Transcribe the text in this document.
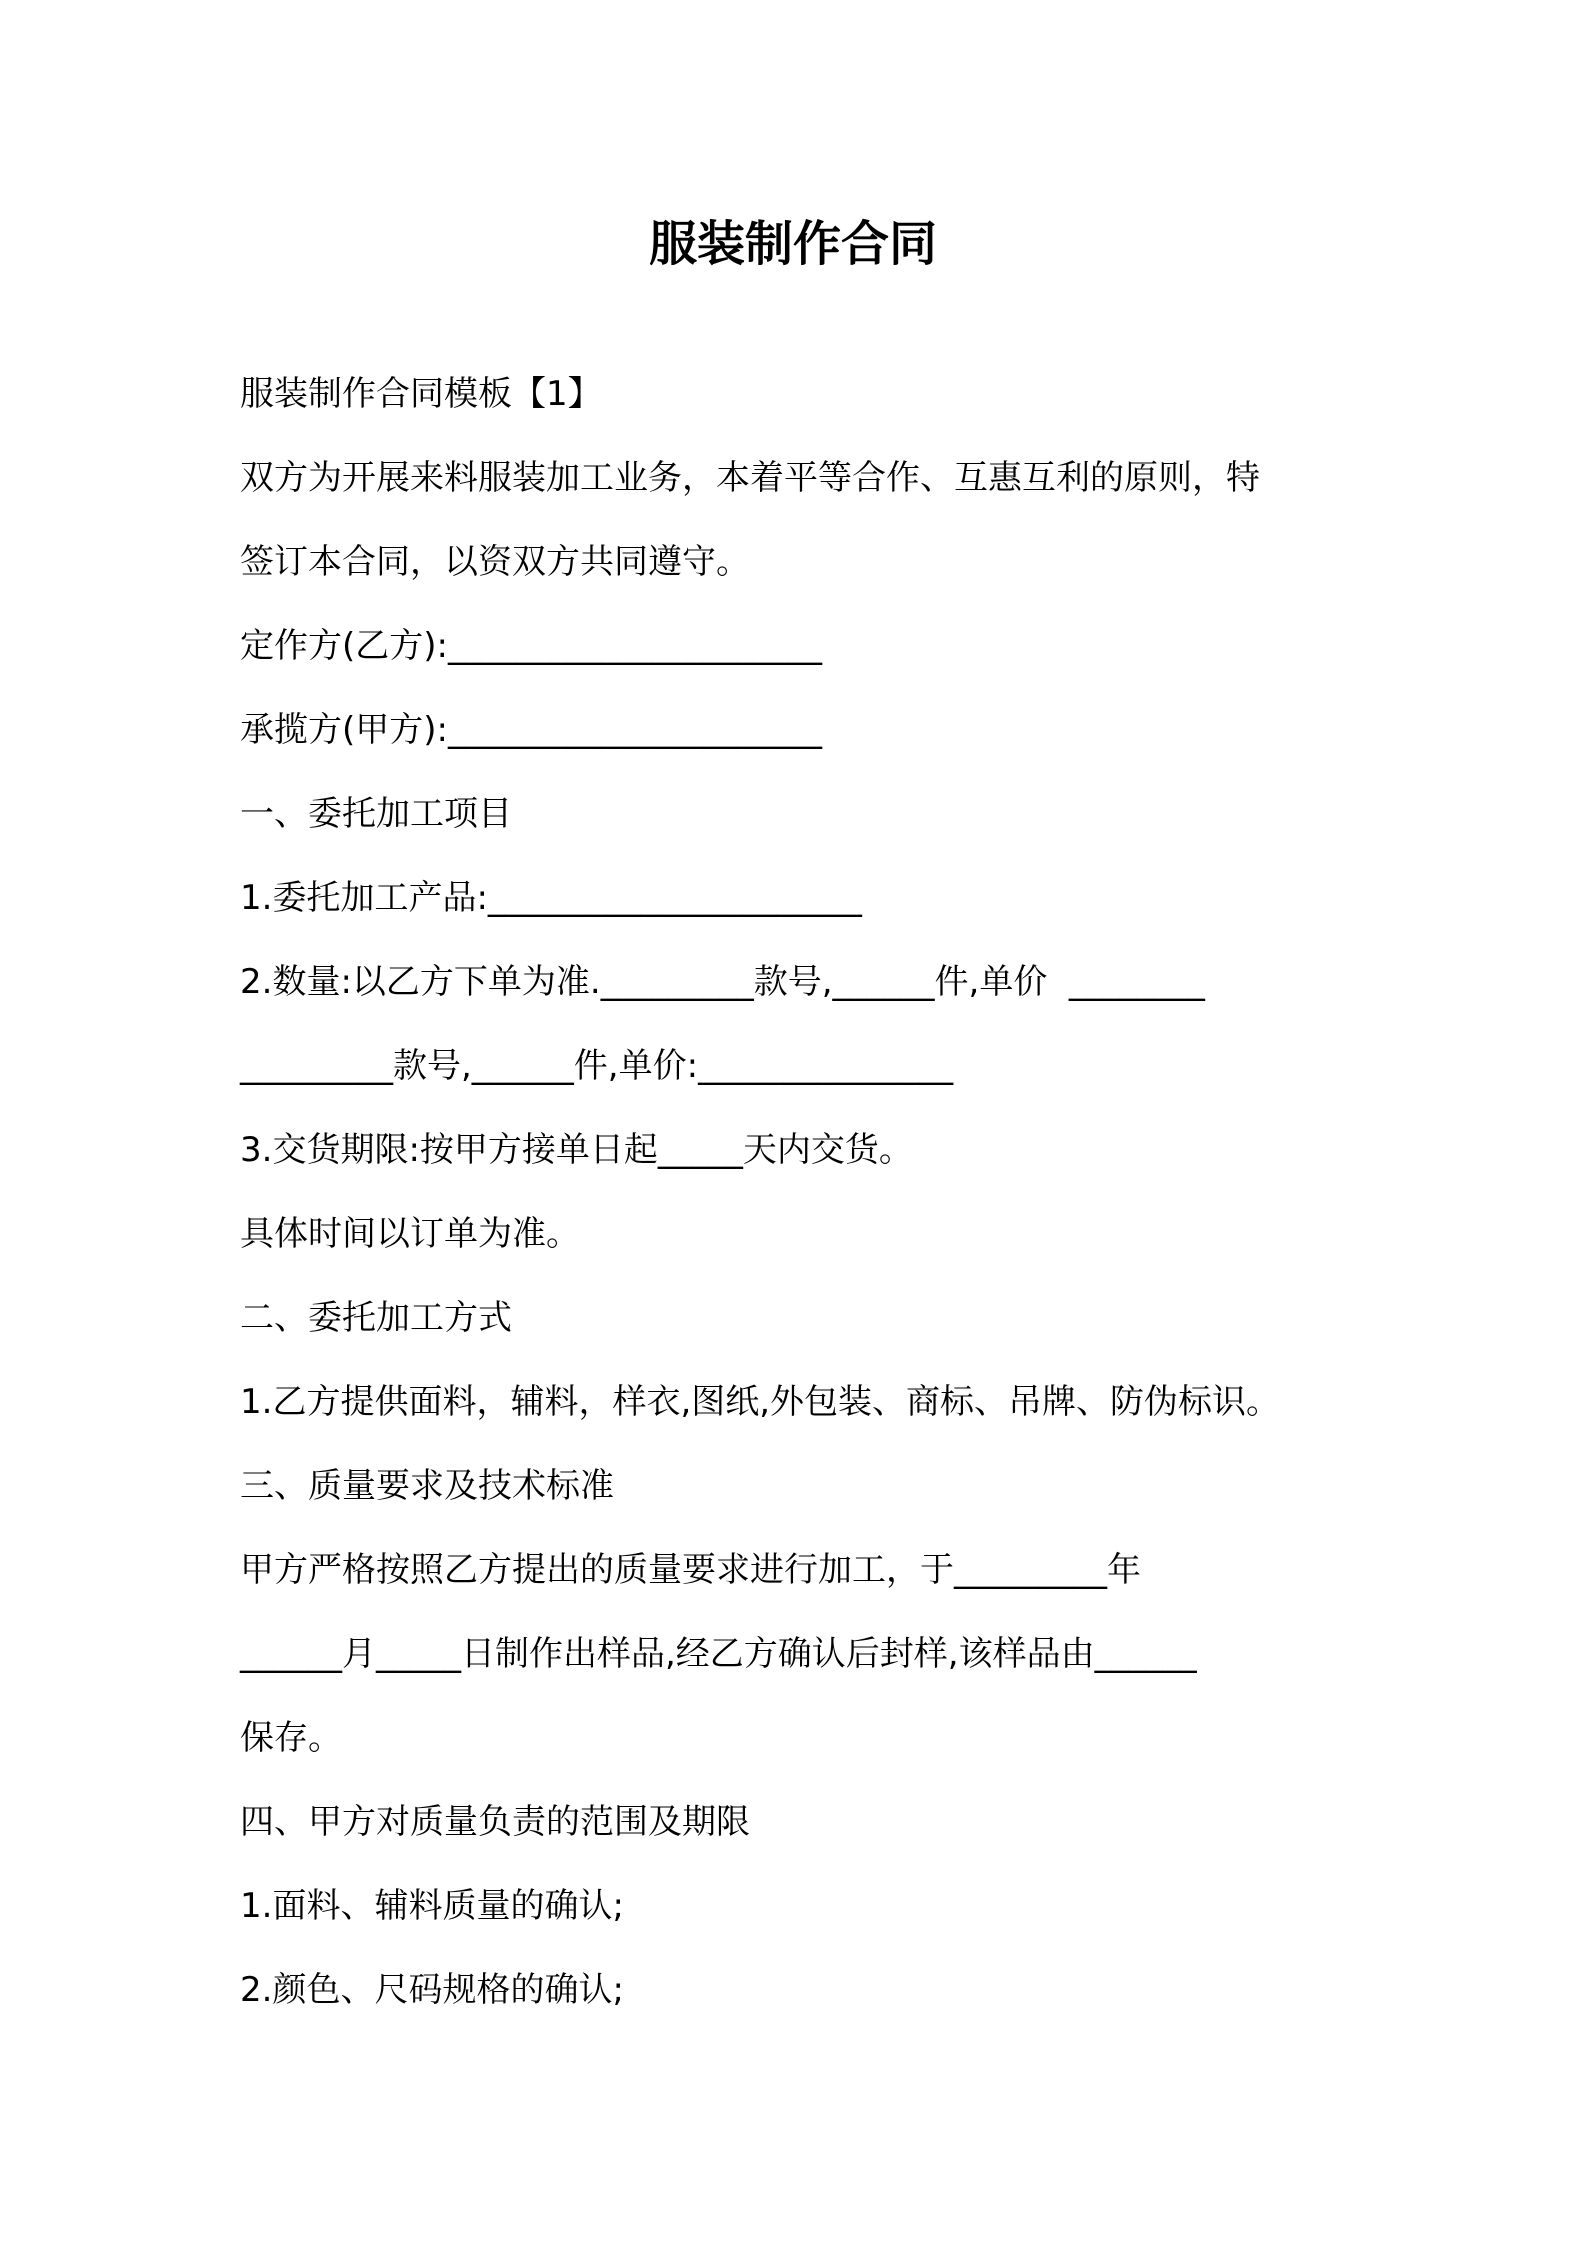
服装制作合同

服装制作合同模板【1】

双方为开展来料服装加工业务，本着平等合作、互惠互利的原则，特

签订本合同，以资双方共同遵守。

定作方(乙方):______________________

承揽方(甲方):______________________

一、委托加工项目

1.委托加工产品:______________________

2.数量:以乙方下单为准._________款号,______件,单价  ________

_________款号,______件,单价:_______________

3.交货期限:按甲方接单日起_____天内交货。

具体时间以订单为准。

二、委托加工方式

1.乙方提供面料，辅料，样衣,图纸,外包装、商标、吊牌、防伪标识。

三、质量要求及技术标准

甲方严格按照乙方提出的质量要求进行加工，于_________年

______月_____日制作出样品,经乙方确认后封样,该样品由______

保存。

四、甲方对质量负责的范围及期限

1.面料、辅料质量的确认;

2.颜色、尺码规格的确认;
